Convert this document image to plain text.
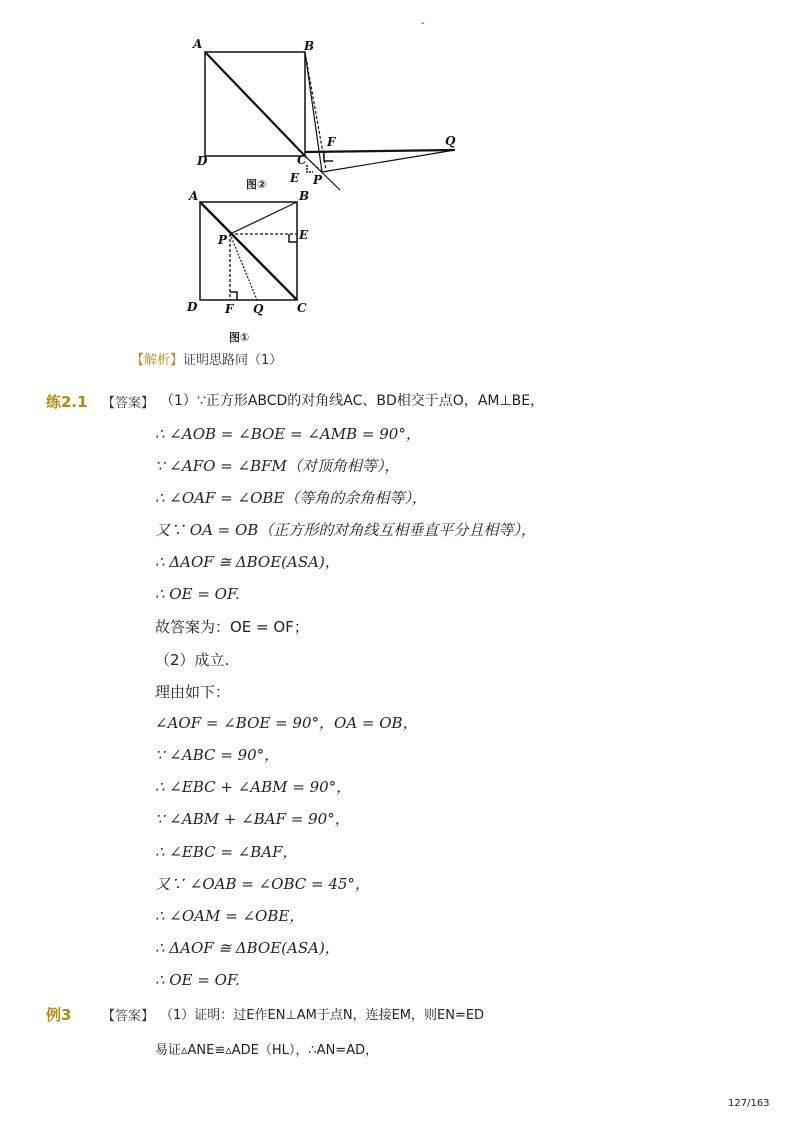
-
A	B
C
D
E
F
P
Q
图②
A	B
C
D
E
F
P
Q
图①
【解析】证明思路同（1）
练2.1 【答案】 （1）∵正方形ABCD的对角线AC、BD相交于点O，AM⊥BE，
∴ ∠AOB = ∠BOE = ∠AMB = 90°，
∵ ∠AFO = ∠BFM（对顶角相等），
∴ ∠OAF = ∠OBE（等角的余角相等），
又∵ OA = OB（正方形的对角线互相垂直平分且相等），
∴ ΔAOF ≅ ΔBOE(ASA)，
∴ OE = OF.
故答案为：OE = OF；
（2）成立.
理由如下：
∠AOF = ∠BOE = 90°，OA = OB，
∵ ∠ABC = 90°，
∴ ∠EBC + ∠ABM = 90°，
∵ ∠ABM + ∠BAF = 90°，
∴ ∠EBC = ∠BAF，
又∵ ∠OAB = ∠OBC = 45°，
∴ ∠OAM = ∠OBE，
∴ ΔAOF ≅ ΔBOE(ASA)，
∴ OE = OF.
例3 【答案】 （1）证明：过E作EN⊥AM于点N，连接EM，则EN=ED
易证▵ANE≌▵ADE（HL），∴AN=AD，
127/163
